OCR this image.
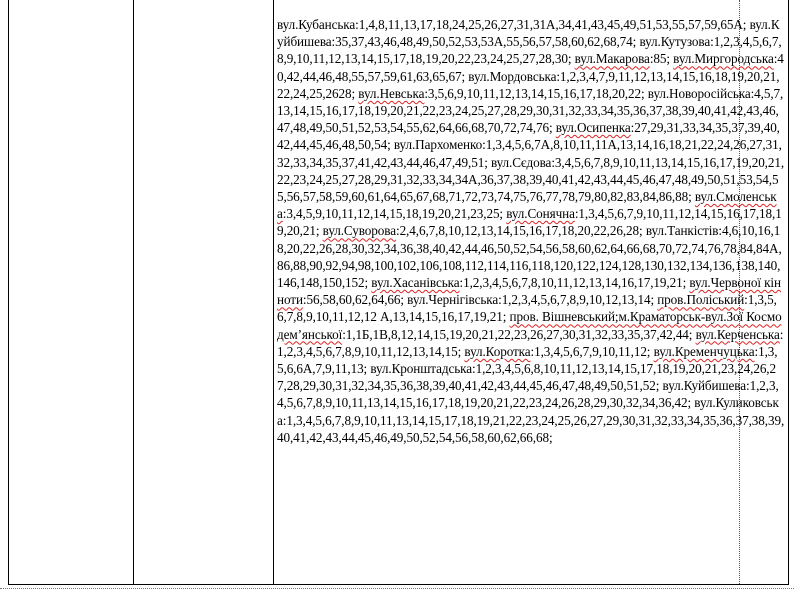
вул.Кубанська:1,4,8,11,13,17,18,24,25,26,27,31,31А,34,41,43,45,49,51,53,55,57,59,65А; вул.Куйбишева:35,37,43,46,48,49,50,52,53,53А,55,56,57,58,60,62,68,74; вул.Кутузова:1,2,3,4,5,6,7,8,9,10,11,12,13,14,15,17,18,19,20,22,23,24,25,27,28,30; вул.Макарова:85; вул.Миргородська:40,42,44,46,48,55,57,59,61,63,65,67; вул.Мордовська:1,2,3,4,7,9,11,12,13,14,15,16,18,19,20,21,22,24,25,2628; вул.Невська:3,5,6,9,10,11,12,13,14,15,16,17,18,20,22; вул.Новоросійська:4,5,7,13,14,15,16,17,18,19,20,21,22,23,24,25,27,28,29,30,31,32,33,34,35,36,37,38,39,40,41,42,43,46,47,48,49,50,51,52,53,54,55,62,64,66,68,70,72,74,76; вул.Осипенка:27,29,31,33,34,35,37,39,40,42,44,45,46,48,50,54; вул.Пархоменко:1,3,4,5,6,7А,8,10,11,11А,13,14,16,18,21,22,24,26,27,31,32,33,34,35,37,41,42,43,44,46,47,49,51; вул.Сєдова:3,4,5,6,7,8,9,10,11,13,14,15,16,17,19,20,21,22,23,24,25,27,28,29,31,32,33,34,34А,36,37,38,39,40,41,42,43,44,45,46,47,48,49,50,51,53,54,55,56,57,58,59,60,61,64,65,67,68,71,72,73,74,75,76,77,78,79,80,82,83,84,86,88; вул.Смоленська:3,4,5,9,10,11,12,14,15,18,19,20,21,23,25; вул.Сонячна:1,3,4,5,6,7,9,10,11,12,14,15,16,17,18,19,20,21; вул.Суворова:2,4,6,7,8,10,12,13,14,15,16,17,18,20,22,26,28; вул.Танкістів:4,6,10,16,18,20,22,26,28,30,32,34,36,38,40,42,44,46,50,52,54,56,58,60,62,64,66,68,70,72,74,76,78,84,84А,86,88,90,92,94,98,100,102,106,108,112,114,116,118,120,122,124,128,130,132,134,136,138,140,146,148,150,152; вул.Хасанівська:1,2,3,4,5,6,7,8,10,11,12,13,14,16,17,19,21; вул.Червоної кінноти:56,58,60,62,64,66; вул.Чернігівська:1,2,3,4,5,6,7,8,9,10,12,13,14; пров.Поліський:1,3,5,6,7,8,9,10,11,12,12 А,13,14,15,16,17,19,21; пров. Вішневський;м.Краматорськ-вул.Зої Космодем’янської:1,1Б,1В,8,12,14,15,19,20,21,22,23,26,27,30,31,32,33,35,37,42,44; вул.Керченська:1,2,3,4,5,6,7,8,9,10,11,12,13,14,15; вул.Коротка:1,3,4,5,6,7,9,10,11,12; вул.Кременчуцька:1,3,5,6,6А,7,9,11,13; вул.Кронштадська:1,2,3,4,5,6,8,10,11,12,13,14,15,17,18,19,20,21,23,24,26,27,28,29,30,31,32,34,35,36,38,39,40,41,42,43,44,45,46,47,48,49,50,51,52; вул.Куйбишева:1,2,3,4,5,6,7,8,9,10,11,13,14,15,16,17,18,19,20,21,22,23,24,26,28,29,30,32,34,36,42; вул.Куликовська:1,3,4,5,6,7,8,9,10,11,13,14,15,17,18,19,21,22,23,24,25,26,27,29,30,31,32,33,34,35,36,37,38,39,40,41,42,43,44,45,46,49,50,52,54,56,58,60,62,66,68;
